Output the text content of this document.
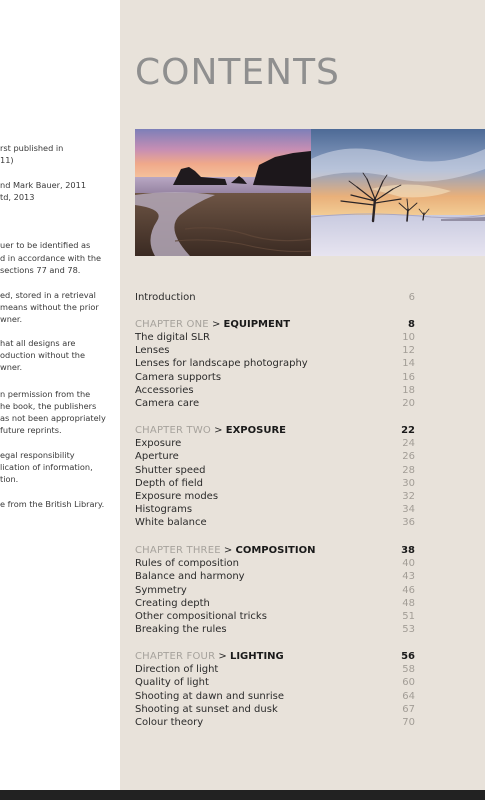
rst published in

11)

nd Mark Bauer, 2011

td, 2013

uer to be identified as

d in accordance with the

sections 77 and 78.

ed, stored in a retrieval

means without the prior

wner.

hat all designs are

oduction without the

wner.

n permission from the

he book, the publishers

as not been appropriately

future reprints.

egal responsibility

lication of information,

tion.

e from the British Library.

CONTENTS
Introduction	6
CHAPTER ONE > EQUIPMENT	8
The digital SLR	10
Lenses	12
Lenses for landscape photography	14
Camera supports	16
Accessories	18
Camera care	20
CHAPTER TWO > EXPOSURE	22
Exposure	24
Aperture	26
Shutter speed	28
Depth of field	30
Exposure modes	32
Histograms	34
White balance	36
CHAPTER THREE > COMPOSITION	38
Rules of composition	40
Balance and harmony	43
Symmetry	46
Creating depth	48
Other compositional tricks	51
Breaking the rules	53
CHAPTER FOUR > LIGHTING	56
Direction of light	58
Quality of light	60
Shooting at dawn and sunrise	64
Shooting at sunset and dusk	67
Colour theory	70
